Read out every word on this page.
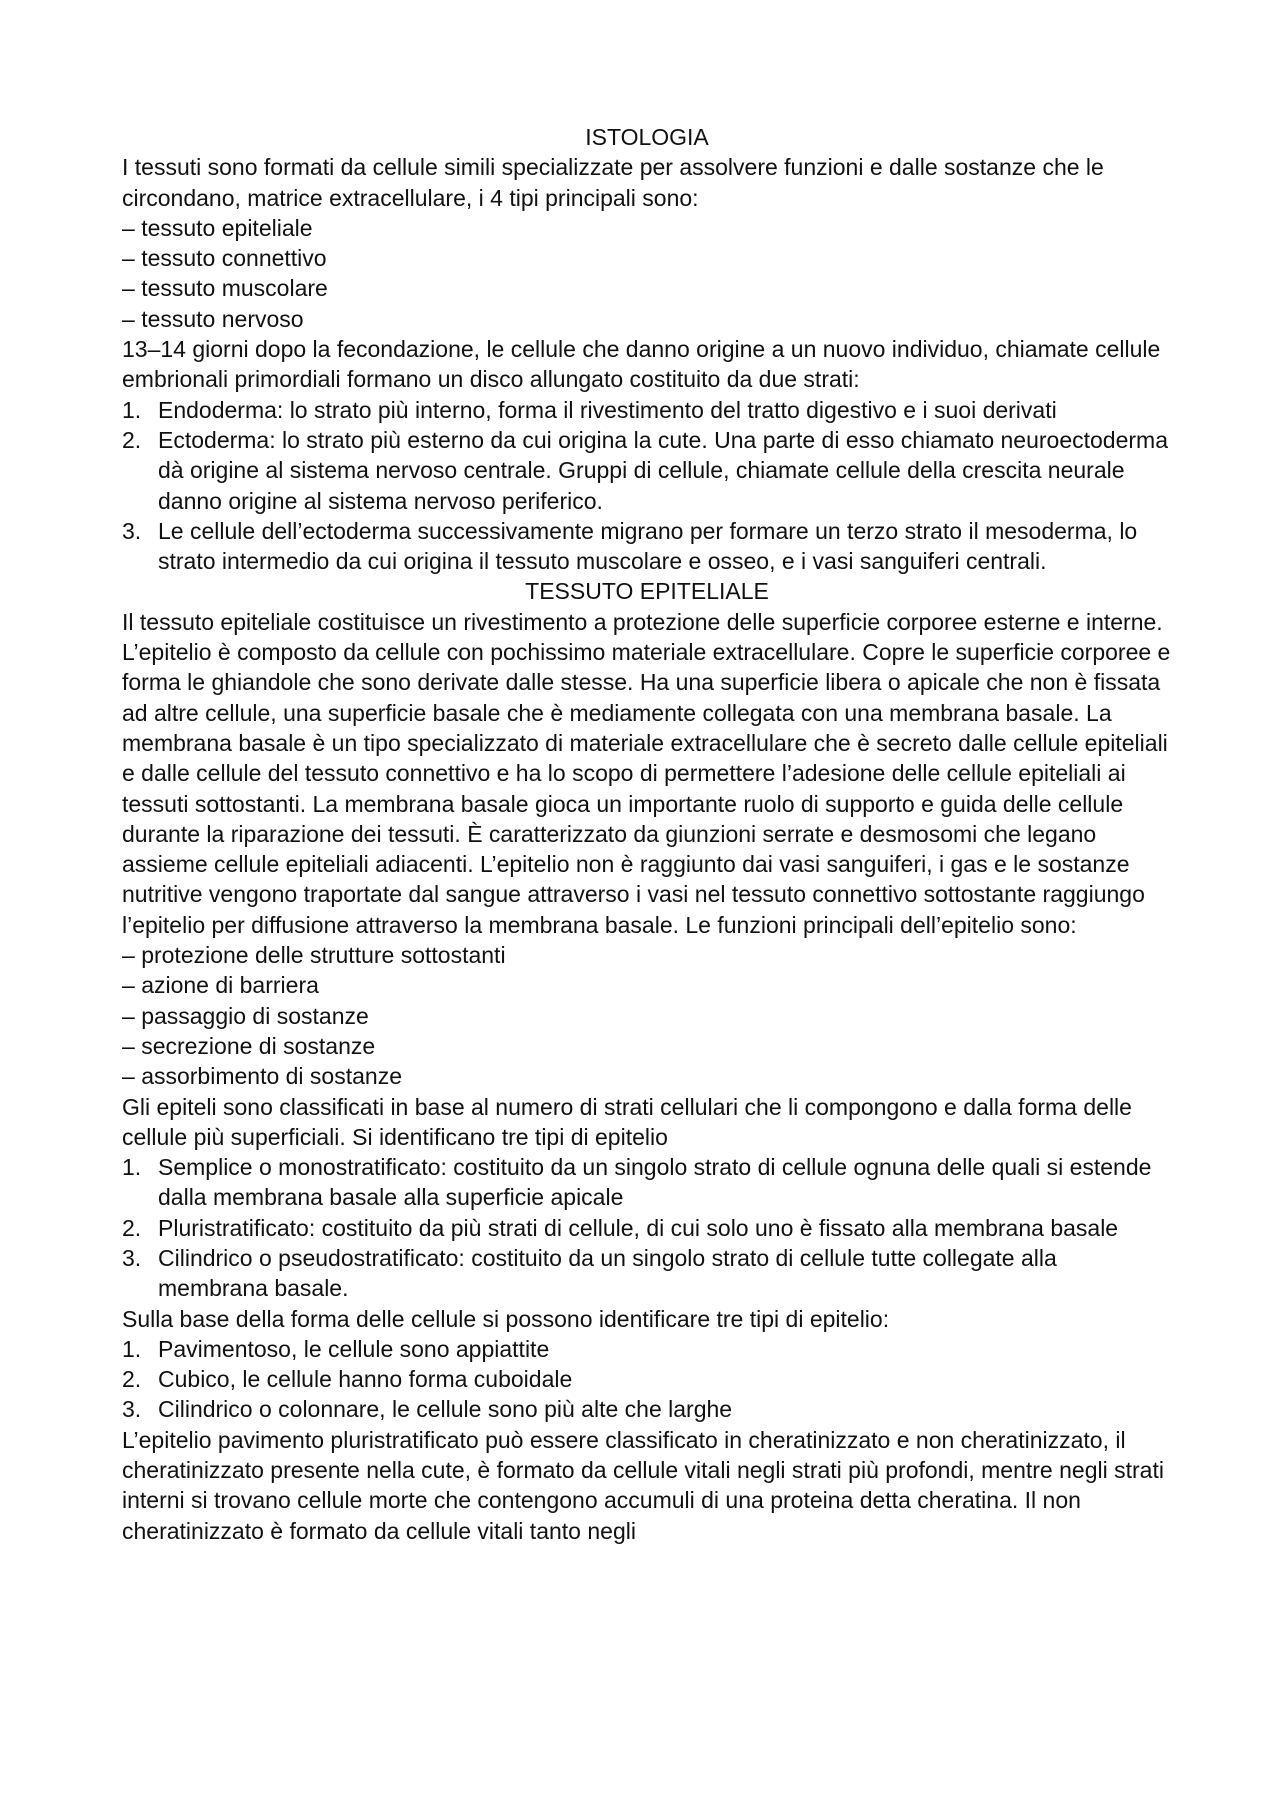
ISTOLOGIA

I tessuti sono formati da cellule simili specializzate per assolvere funzioni e dalle sostanze che le circondano, matrice extracellulare, i 4 tipi principali sono:

– tessuto epiteliale
– tessuto connettivo
– tessuto muscolare
– tessuto nervoso

13–14 giorni dopo la fecondazione, le cellule che danno origine a un nuovo individuo, chiamate cellule embrionali primordiali formano un disco allungato costituito da due strati:

1. Endoderma: lo strato più interno, forma il rivestimento del tratto digestivo e i suoi derivati
2. Ectoderma: lo strato più esterno da cui origina la cute. Una parte di esso chiamato neuroectoderma dà origine al sistema nervoso centrale. Gruppi di cellule, chiamate cellule della crescita neurale danno origine al sistema nervoso periferico.
3. Le cellule dell’ectoderma successivamente migrano per formare un terzo strato il mesoderma, lo strato intermedio da cui origina il tessuto muscolare e osseo, e i vasi sanguiferi centrali.
TESSUTO EPITELIALE

Il tessuto epiteliale costituisce un rivestimento a protezione delle superficie corporee esterne e interne. L’epitelio è composto da cellule con pochissimo materiale extracellulare. Copre le superficie corporee e forma le ghiandole che sono derivate dalle stesse. Ha una superficie libera o apicale che non è fissata ad altre cellule, una superficie basale che è mediamente collegata con una membrana basale. La membrana basale è un tipo specializzato di materiale extracellulare che è secreto dalle cellule epiteliali e dalle cellule del tessuto connettivo e ha lo scopo di permettere l’adesione delle cellule epiteliali ai tessuti sottostanti. La membrana basale gioca un importante ruolo di supporto e guida delle cellule durante la riparazione dei tessuti. È caratterizzato da giunzioni serrate e desmosomi che legano assieme cellule epiteliali adiacenti. L’epitelio non è raggiunto dai vasi sanguiferi, i gas e le sostanze nutritive vengono traportate dal sangue attraverso i vasi nel tessuto connettivo sottostante raggiungo l’epitelio per diffusione attraverso la membrana basale. Le funzioni principali dell’epitelio sono:

– protezione delle strutture sottostanti
– azione di barriera
– passaggio di sostanze
– secrezione di sostanze
– assorbimento di sostanze

Gli epiteli sono classificati in base al numero di strati cellulari che li compongono e dalla forma delle cellule più superficiali. Si identificano tre tipi di epitelio

1. Semplice o monostratificato: costituito da un singolo strato di cellule ognuna delle quali si estende dalla membrana basale alla superficie apicale
2. Pluristratificato: costituito da più strati di cellule, di cui solo uno è fissato alla membrana basale
3. Cilindrico o pseudostratificato: costituito da un singolo strato di cellule tutte collegate alla membrana basale.

Sulla base della forma delle cellule si possono identificare tre tipi di epitelio:

1. Pavimentoso, le cellule sono appiattite
2. Cubico, le cellule hanno forma cuboidale
3. Cilindrico o colonnare, le cellule sono più alte che larghe

L’epitelio pavimento pluristratificato può essere classificato in cheratinizzato e non cheratinizzato, il cheratinizzato presente nella cute, è formato da cellule vitali negli strati più profondi, mentre negli strati interni si trovano cellule morte che contengono accumuli di una proteina detta cheratina. Il non cheratinizzato è formato da cellule vitali tanto negli
